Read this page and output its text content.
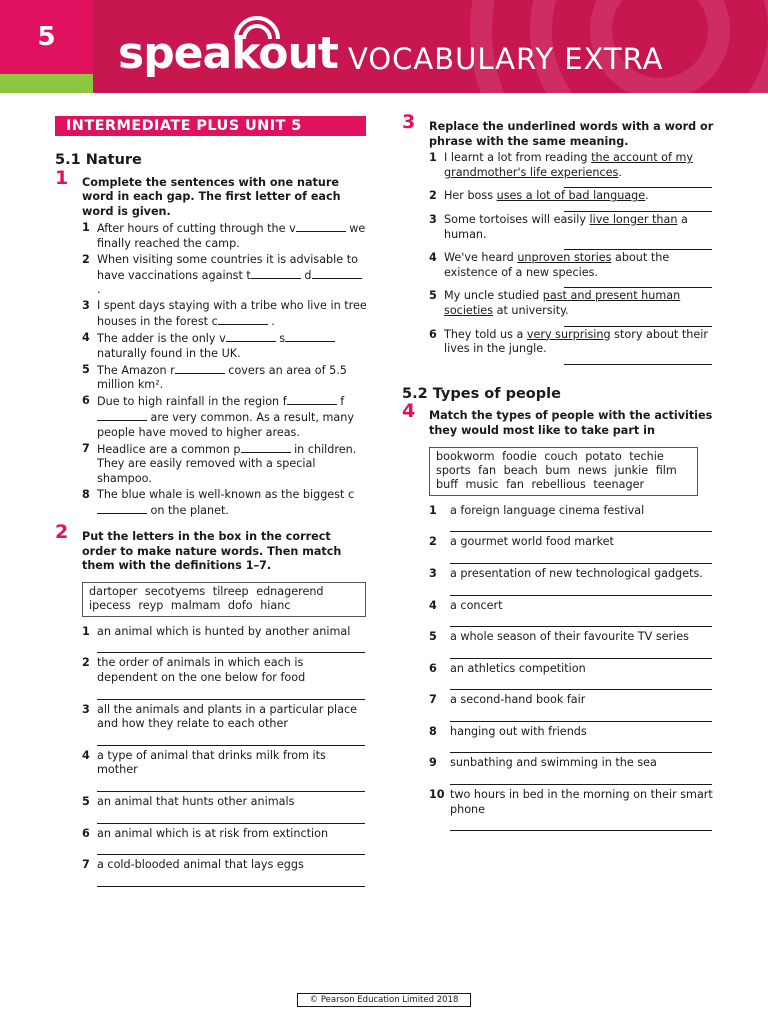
5	speakout VOCABULARY EXTRA
INTERMEDIATE PLUS UNIT 5
5.1 Nature
1 Complete the sentences with one nature word in each gap. The first letter of each word is given.
1 After hours of cutting through the v	we finally reached the camp.
2 When visiting some countries it is advisable to have vaccinations against t	d .
3 I spent days staying with a tribe who live in tree houses in the forest c	.
4 The adder is the only v	s naturally found in the UK.
5 The Amazon r	covers an area of 5.5 million km².
6 Due to high rainfall in the region f	f are very common. As a result, many people have moved to higher areas.
7 Headlice are a common p	in children. They are easily removed with a special shampoo.
8 The blue whale is well-known as the biggest c on the planet.
2 Put the letters in the box in the correct order to make nature words. Then match them with the definitions 1–7.
dartoper secotyems tilreep ednagerend ipecess reyp malmam dofo hianc
1 an animal which is hunted by another animal
2 the order of animals in which each is dependent on the one below for food
3 all the animals and plants in a particular place and how they relate to each other
4 a type of animal that drinks milk from its mother
5 an animal that hunts other animals
6 an animal which is at risk from extinction
7 a cold-blooded animal that lays eggs
3 Replace the underlined words with a word or phrase with the same meaning.
1 I learnt a lot from reading the account of my grandmother's life experiences.
2 Her boss uses a lot of bad language.
3 Some tortoises will easily live longer than a human.
4 We've heard unproven stories about the existence of a new species.
5 My uncle studied past and present human societies at university.
6 They told us a very surprising story about their lives in the jungle.
5.2 Types of people
4 Match the types of people with the activities they would most like to take part in
bookworm foodie couch potato techie sports fan beach bum news junkie film buff music fan rebellious teenager
1 a foreign language cinema festival
2 a gourmet world food market
3 a presentation of new technological gadgets.
4 a concert
5 a whole season of their favourite TV series
6 an athletics competition
7 a second-hand book fair
8 hanging out with friends
9 sunbathing and swimming in the sea
10 two hours in bed in the morning on their smart phone
© Pearson Education Limited 2018
